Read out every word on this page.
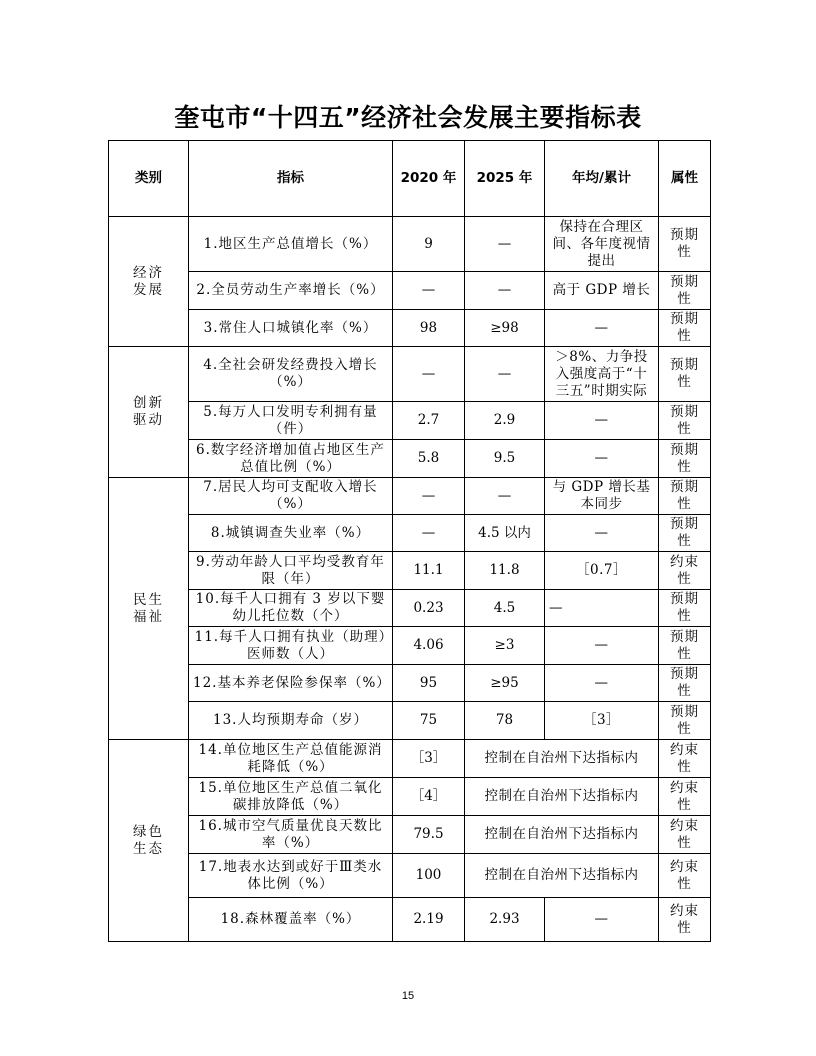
奎屯市“十四五”经济社会发展主要指标表
类别	指标	2020 年	2025 年	年均/累计	属性
经济
发展	1.地区生产总值增长（%）	9	—	保持在合理区间、各年度视情提出	预期性
	2.全员劳动生产率增长（%）	—	—	高于 GDP 增长	预期性
	3.常住人口城镇化率（%）	98	≥98	—	预期性
创新
驱动	4.全社会研发经费投入增长（%）	—	—	＞8%、力争投入强度高于“十三五”时期实际	预期性
	5.每万人口发明专利拥有量（件）	2.7	2.9	—	预期性
	6.数字经济增加值占地区生产总值比例（%）	5.8	9.5	—	预期性
民生
福祉	7.居民人均可支配收入增长（%）	—	—	与 GDP 增长基本同步	预期性
	8.城镇调查失业率（%）	—	4.5 以内	—	预期性
	9.劳动年龄人口平均受教育年限（年）	11.1	11.8	［0.7］	约束性
	10.每千人口拥有 3 岁以下婴幼儿托位数（个）	0.23	4.5	—	预期性
	11.每千人口拥有执业（助理）医师数（人）	4.06	≥3	—	预期性
	12.基本养老保险参保率（%）	95	≥95	—	预期性
	13.人均预期寿命（岁）	75	78	［3］	预期性
绿色
生态	14.单位地区生产总值能源消耗降低（%）	［3］	控制在自治州下达指标内		约束性
	15.单位地区生产总值二氧化碳排放降低（%）	［4］	控制在自治州下达指标内		约束性
	16.城市空气质量优良天数比率（%）	79.5	控制在自治州下达指标内		约束性
	17.地表水达到或好于Ⅲ类水体比例（%）	100	控制在自治州下达指标内		约束性
	18.森林覆盖率（%）	2.19	2.93	—	约束性
15
